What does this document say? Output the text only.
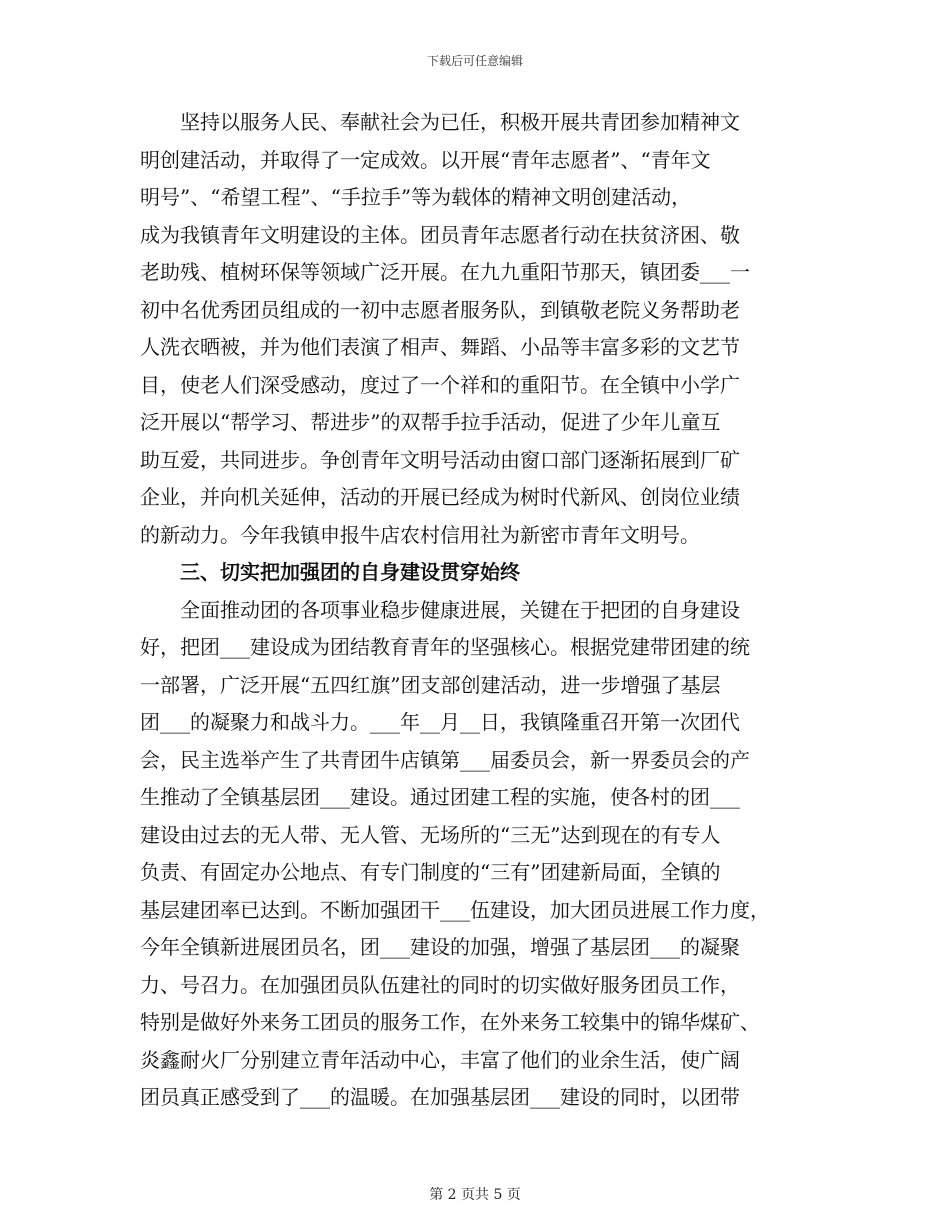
下载后可任意编辑
　　坚持以服务人民、奉献社会为已任，积极开展共青团参加精神文
明创建活动，并取得了一定成效。以开展“青年志愿者”、“青年文
明号”、“希望工程”、“手拉手”等为载体的精神文明创建活动，
成为我镇青年文明建设的主体。团员青年志愿者行动在扶贫济困、敬
老助残、植树环保等领域广泛开展。在九九重阳节那天，镇团委___一
初中名优秀团员组成的一初中志愿者服务队，到镇敬老院义务帮助老
人洗衣晒被，并为他们表演了相声、舞蹈、小品等丰富多彩的文艺节
目，使老人们深受感动，度过了一个祥和的重阳节。在全镇中小学广
泛开展以“帮学习、帮进步”的双帮手拉手活动，促进了少年儿童互
助互爱，共同进步。争创青年文明号活动由窗口部门逐渐拓展到厂矿
企业，并向机关延伸，活动的开展已经成为树时代新风、创岗位业绩
的新动力。今年我镇申报牛店农村信用社为新密市青年文明号。
　　三、切实把加强团的自身建设贯穿始终
　　全面推动团的各项事业稳步健康进展，关键在于把团的自身建设
好，把团___建设成为团结教育青年的坚强核心。根据党建带团建的统
一部署，广泛开展“五四红旗”团支部创建活动，进一步增强了基层
团___的凝聚力和战斗力。___年__月__日，我镇隆重召开第一次团代
会，民主选举产生了共青团牛店镇第___届委员会，新一界委员会的产
生推动了全镇基层团___建设。通过团建工程的实施，使各村的团___
建设由过去的无人带、无人管、无场所的“三无”达到现在的有专人
负责、有固定办公地点、有专门制度的“三有”团建新局面，全镇的
基层建团率已达到。不断加强团干___伍建设，加大团员进展工作力度，
今年全镇新进展团员名，团___建设的加强，增强了基层团___的凝聚
力、号召力。在加强团员队伍建社的同时的切实做好服务团员工作，
特别是做好外来务工团员的服务工作，在外来务工较集中的锦华煤矿、
炎鑫耐火厂分别建立青年活动中心，丰富了他们的业余生活，使广阔
团员真正感受到了___的温暖。在加强基层团___建设的同时，以团带
第 2 页共 5 页
